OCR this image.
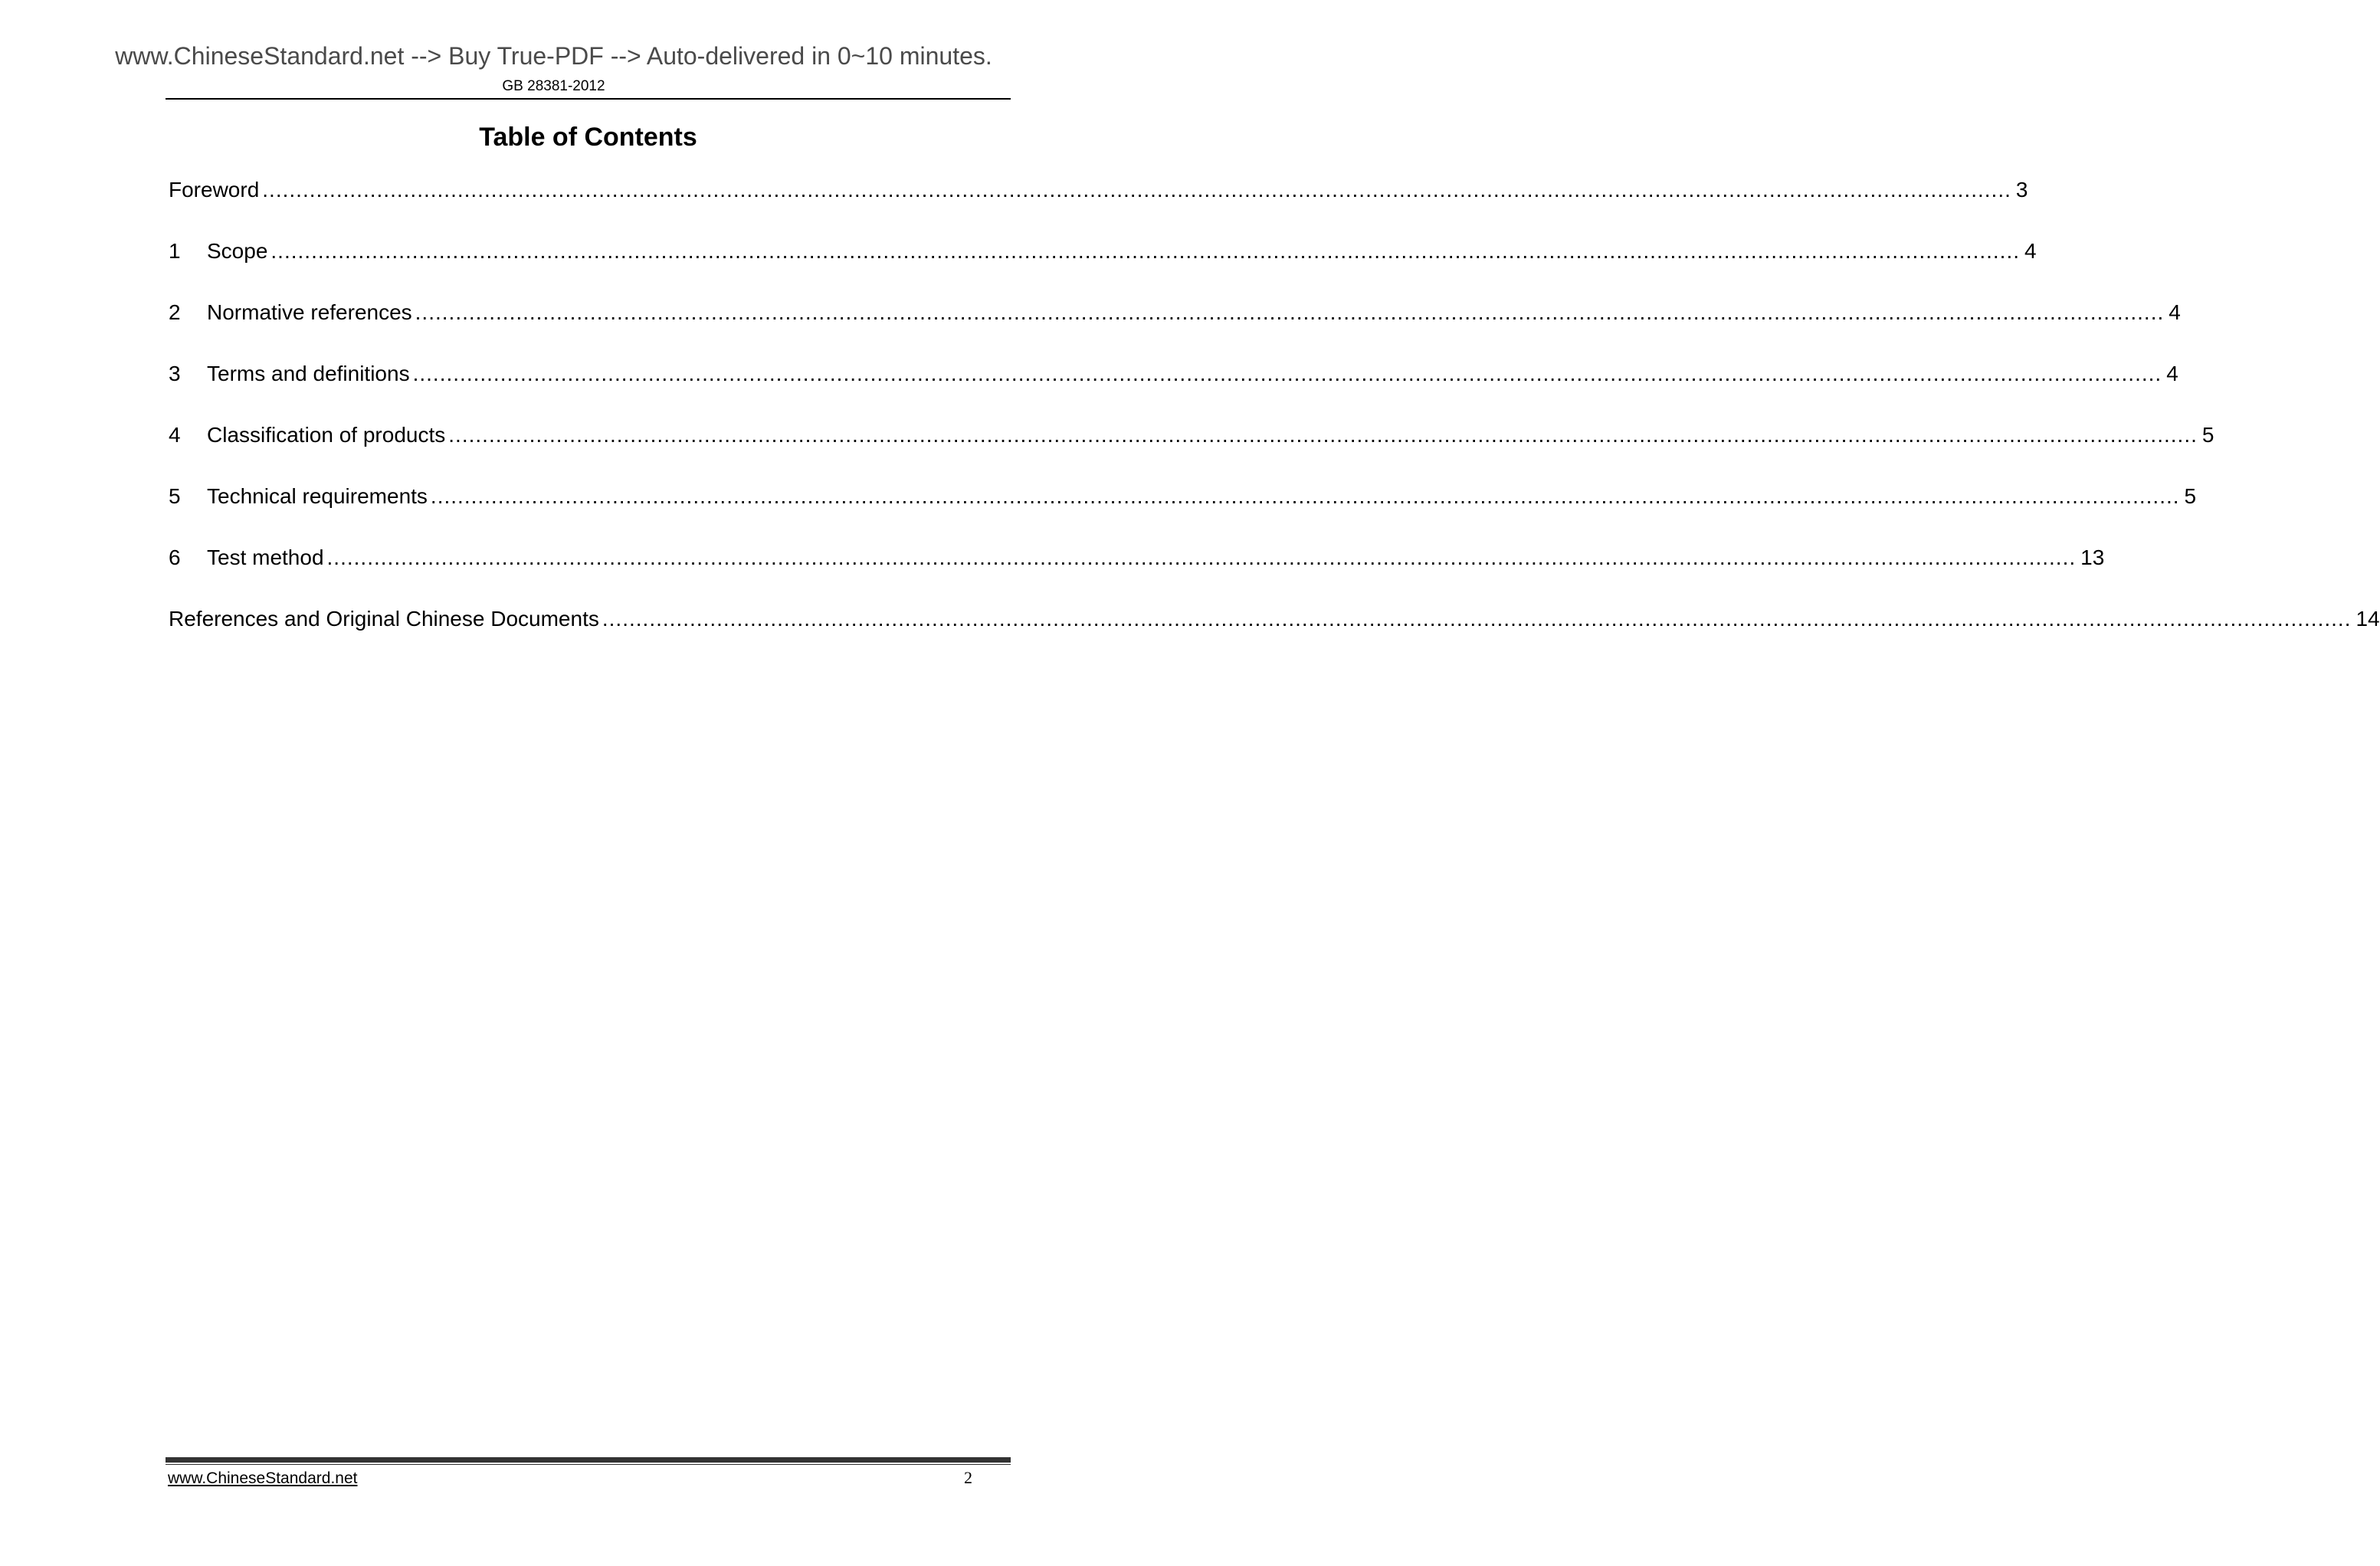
www.ChineseStandard.net --> Buy True-PDF --> Auto-delivered in 0~10 minutes.
GB 28381-2012
Table of Contents
Foreword .................................................................................................................................................................................................................................................................... 3
1	Scope .................................................................................................................................................................................................................................................................... 4
2	Normative references .................................................................................................................................................................................................................................................................... 4
3	Terms and definitions .................................................................................................................................................................................................................................................................... 4
4	Classification of products .................................................................................................................................................................................................................................................................... 5
5	Technical requirements .................................................................................................................................................................................................................................................................... 5
6	Test method .................................................................................................................................................................................................................................................................... 13
References and Original Chinese Documents .................................................................................................................................................................................................................................................................... 14
www.ChineseStandard.net	2
